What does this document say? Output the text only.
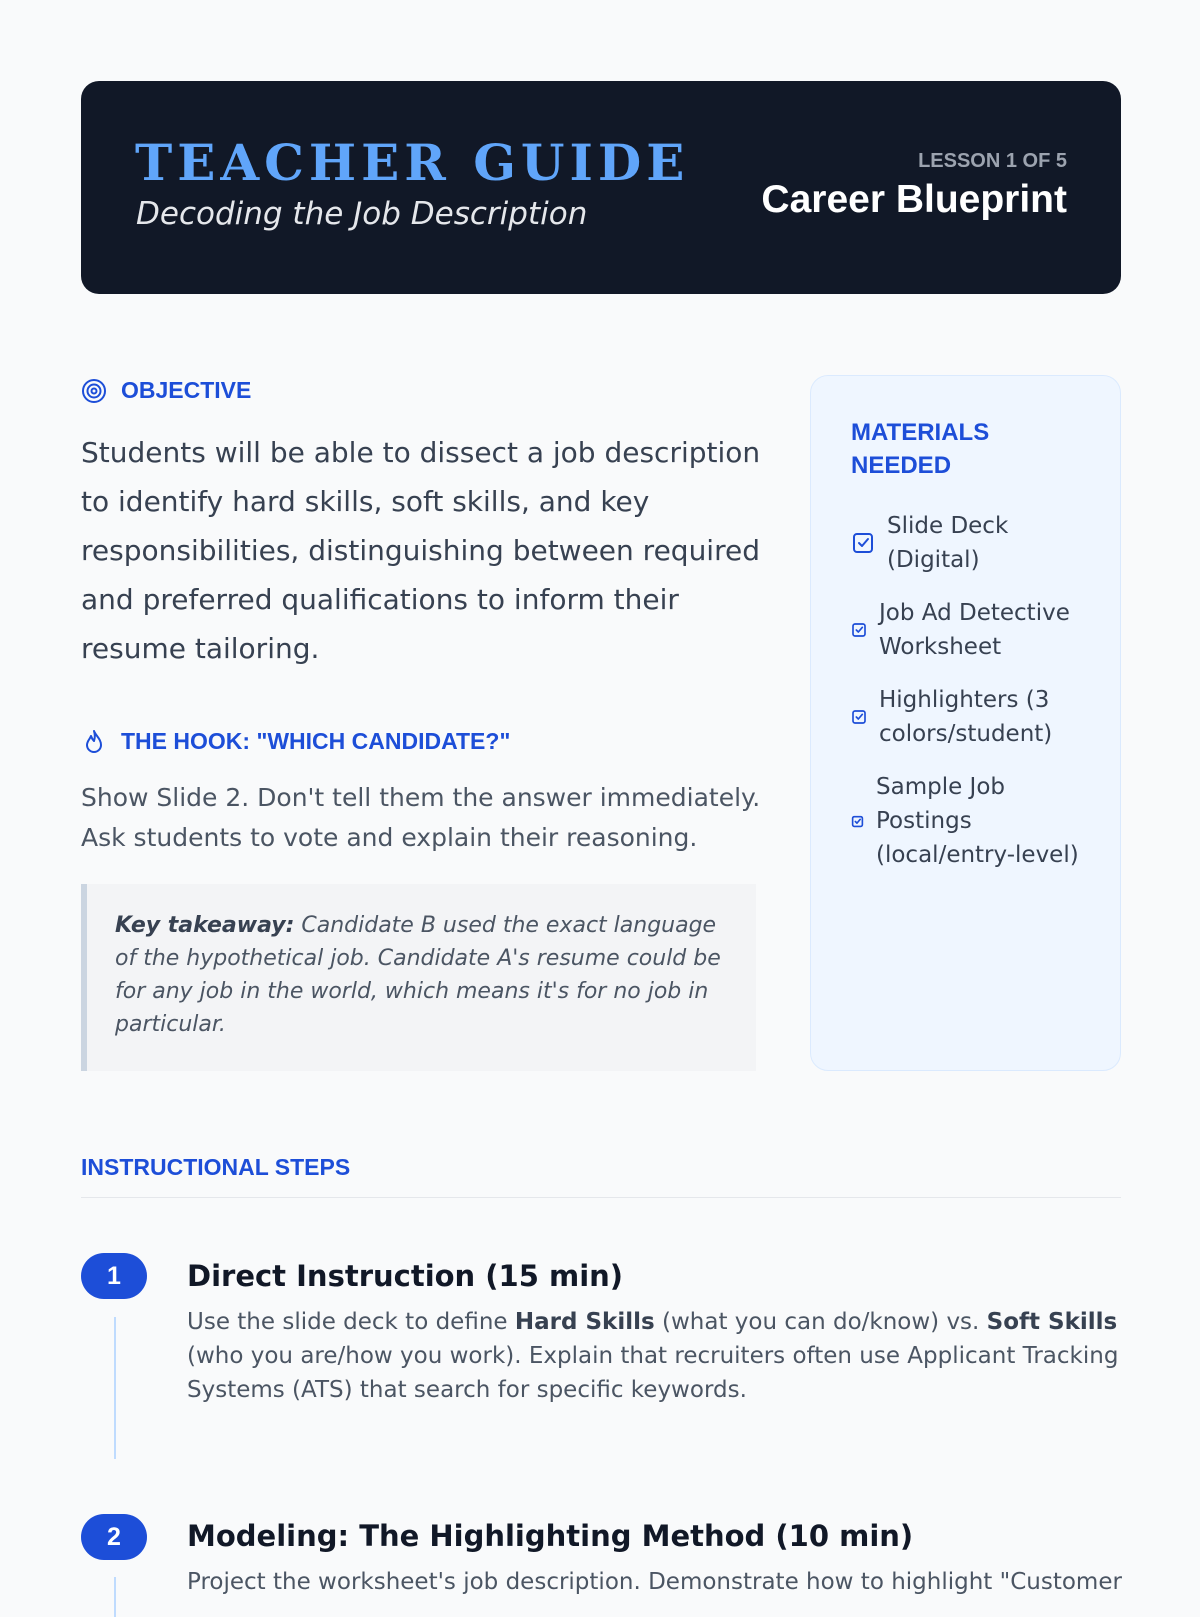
TEACHER GUIDE
Decoding the Job Description
LESSON 1 OF 5
Career Blueprint
OBJECTIVE
Students will be able to dissect a job description to identify hard skills, soft skills, and key responsibilities, distinguishing between required and preferred qualifications to inform their resume tailoring.
THE HOOK: "WHICH CANDIDATE?"
Show Slide 2. Don't tell them the answer immediately. Ask students to vote and explain their reasoning.
Key takeaway: Candidate B used the exact language of the hypothetical job. Candidate A's resume could be for any job in the world, which means it's for no job in particular.
MATERIALS NEEDED
Slide Deck (Digital)
Job Ad Detective Worksheet
Highlighters (3 colors/student)
Sample Job Postings (local/entry-level)
INSTRUCTIONAL STEPS
1	Direct Instruction (15 min)
Use the slide deck to define Hard Skills (what you can do/know) vs. Soft Skills (who you are/how you work). Explain that recruiters often use Applicant Tracking Systems (ATS) that search for specific keywords.
2	Modeling: The Highlighting Method (10 min)
Project the worksheet's job description. Demonstrate how to highlight "Customer
